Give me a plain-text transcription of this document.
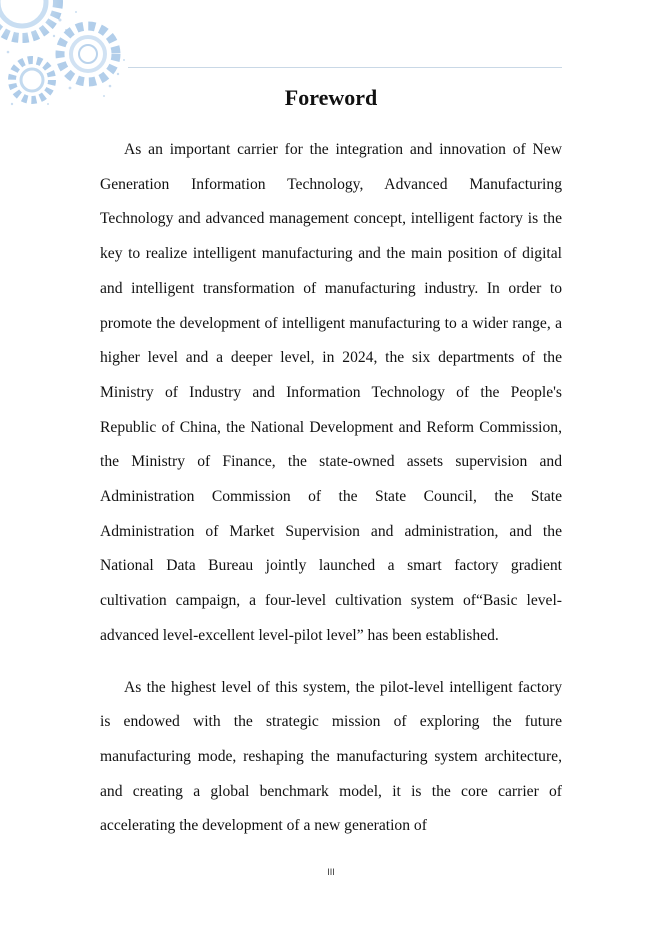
Foreword

As an important carrier for the integration and innovation of New Generation Information Technology, Advanced Manufacturing Technology and advanced management concept, intelligent factory is the key to realize intelligent manufacturing and the main position of digital and intelligent transformation of manufacturing industry. In order to promote the development of intelligent manufacturing to a wider range, a higher level and a deeper level, in 2024, the six departments of the Ministry of Industry and Information Technology of the People's Republic of China, the National Development and Reform Commission, the Ministry of Finance, the state-owned assets supervision and Administration Commission of the State Council, the State Administration of Market Supervision and administration, and the National Data Bureau jointly launched a smart factory gradient cultivation campaign, a four-level cultivation system of“Basic level-advanced level-excellent level-pilot level” has been established.

As the highest level of this system, the pilot-level intelligent factory is endowed with the strategic mission of exploring the future manufacturing mode, reshaping the manufacturing system architecture, and creating a global benchmark model, it is the core carrier of accelerating the development of a new generation of

III
